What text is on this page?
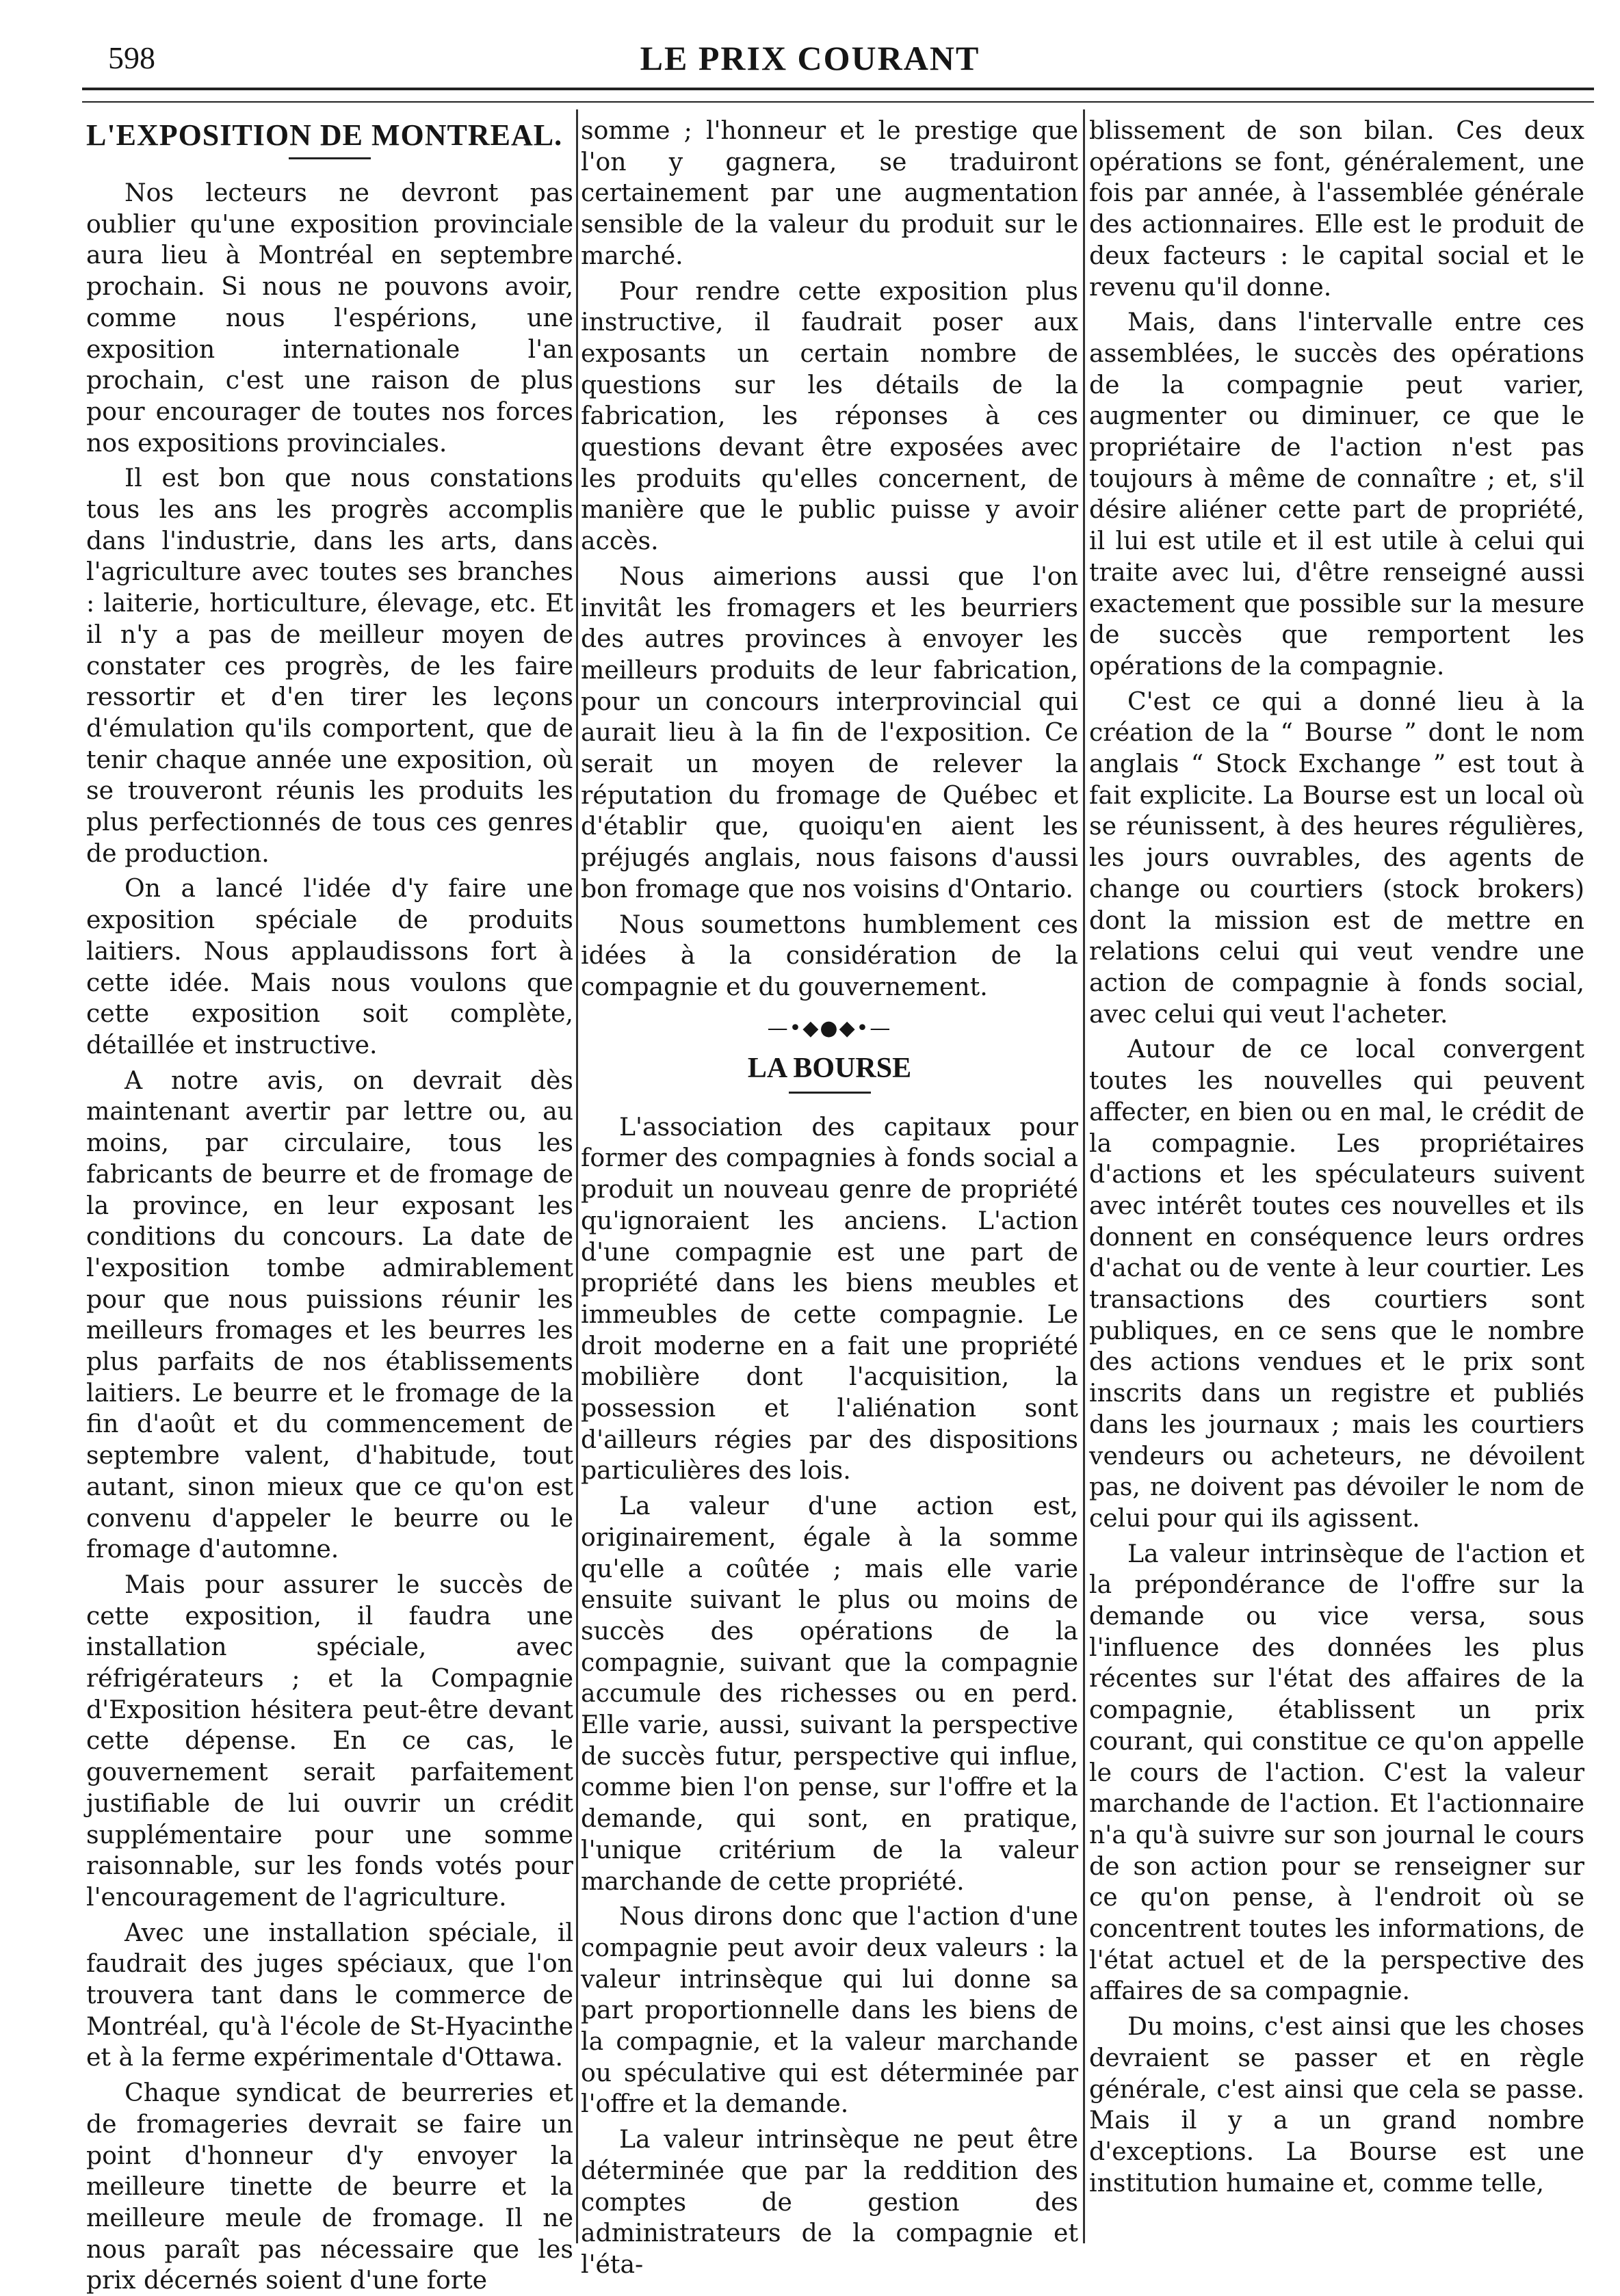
598	LE PRIX COURANT
L'EXPOSITION DE MONTREAL.

Nos lecteurs ne devront pas oublier qu'une exposition provinciale aura lieu à Montréal en septembre prochain. Si nous ne pouvons avoir, comme nous l'espérions, une exposition internationale l'an prochain, c'est une raison de plus pour encourager de toutes nos forces nos expositions provinciales.

Il est bon que nous constations tous les ans les progrès accomplis dans l'industrie, dans les arts, dans l'agriculture avec toutes ses branches : laiterie, horticulture, élevage, etc. Et il n'y a pas de meilleur moyen de constater ces progrès, de les faire ressortir et d'en tirer les leçons d'émulation qu'ils comportent, que de tenir chaque année une exposition, où se trouveront réunis les produits les plus perfectionnés de tous ces genres de production.

On a lancé l'idée d'y faire une exposition spéciale de produits laitiers. Nous applaudissons fort à cette idée. Mais nous voulons que cette exposition soit complète, détaillée et instructive.

A notre avis, on devrait dès maintenant avertir par lettre ou, au moins, par circulaire, tous les fabricants de beurre et de fromage de la province, en leur exposant les conditions du concours. La date de l'exposition tombe admirablement pour que nous puissions réunir les meilleurs fromages et les beurres les plus parfaits de nos établissements laitiers. Le beurre et le fromage de la fin d'août et du commencement de septembre valent, d'habitude, tout autant, sinon mieux que ce qu'on est convenu d'appeler le beurre ou le fromage d'automne.

Mais pour assurer le succès de cette exposition, il faudra une installation spéciale, avec réfrigérateurs ; et la Compagnie d'Exposition hésitera peut-être devant cette dépense. En ce cas, le gouvernement serait parfaitement justifiable de lui ouvrir un crédit supplémentaire pour une somme raisonnable, sur les fonds votés pour l'encouragement de l'agriculture.

Avec une installation spéciale, il faudrait des juges spéciaux, que l'on trouvera tant dans le commerce de Montréal, qu'à l'école de St-Hyacinthe et à la ferme expérimentale d'Ottawa.

Chaque syndicat de beurreries et de fromageries devrait se faire un point d'honneur d'y envoyer la meilleure tinette de beurre et la meilleure meule de fromage. Il ne nous paraît pas nécessaire que les prix décernés soient d'une forte

somme ; l'honneur et le prestige que l'on y gagnera, se traduiront certainement par une augmentation sensible de la valeur du produit sur le marché.

Pour rendre cette exposition plus instructive, il faudrait poser aux exposants un certain nombre de questions sur les détails de la fabrication, les réponses à ces questions devant être exposées avec les produits qu'elles concernent, de manière que le public puisse y avoir accès.

Nous aimerions aussi que l'on invitât les fromagers et les beurriers des autres provinces à envoyer les meilleurs produits de leur fabrication, pour un concours interprovincial qui aurait lieu à la fin de l'exposition. Ce serait un moyen de relever la réputation du fromage de Québec et d'établir que, quoiqu'en aient les préjugés anglais, nous faisons d'aussi bon fromage que nos voisins d'Ontario.

Nous soumettons humblement ces idées à la considération de la compagnie et du gouvernement.

—•◆●◆•—
LA BOURSE

L'association des capitaux pour former des compagnies à fonds social a produit un nouveau genre de propriété qu'ignoraient les anciens. L'action d'une compagnie est une part de propriété dans les biens meubles et immeubles de cette compagnie. Le droit moderne en a fait une propriété mobilière dont l'acquisition, la possession et l'aliénation sont d'ailleurs régies par des dispositions particulières des lois.

La valeur d'une action est, originairement, égale à la somme qu'elle a coûtée ; mais elle varie ensuite suivant le plus ou moins de succès des opérations de la compagnie, suivant que la compagnie accumule des richesses ou en perd. Elle varie, aussi, suivant la perspective de succès futur, perspective qui influe, comme bien l'on pense, sur l'offre et la demande, qui sont, en pratique, l'unique critérium de la valeur marchande de cette propriété.

Nous dirons donc que l'action d'une compagnie peut avoir deux valeurs : la valeur intrinsèque qui lui donne sa part proportionnelle dans les biens de la compagnie, et la valeur marchande ou spéculative qui est déterminée par l'offre et la demande.

La valeur intrinsèque ne peut être déterminée que par la reddition des comptes de gestion des administrateurs de la compagnie et l'éta-

blissement de son bilan. Ces deux opérations se font, généralement, une fois par année, à l'assemblée générale des actionnaires. Elle est le produit de deux facteurs : le capital social et le revenu qu'il donne.

Mais, dans l'intervalle entre ces assemblées, le succès des opérations de la compagnie peut varier, augmenter ou diminuer, ce que le propriétaire de l'action n'est pas toujours à même de connaître ; et, s'il désire aliéner cette part de propriété, il lui est utile et il est utile à celui qui traite avec lui, d'être renseigné aussi exactement que possible sur la mesure de succès que remportent les opérations de la compagnie.

C'est ce qui a donné lieu à la création de la “ Bourse ” dont le nom anglais “ Stock Exchange ” est tout à fait explicite. La Bourse est un local où se réunissent, à des heures régulières, les jours ouvrables, des agents de change ou courtiers (stock brokers) dont la mission est de mettre en relations celui qui veut vendre une action de compagnie à fonds social, avec celui qui veut l'acheter.

Autour de ce local convergent toutes les nouvelles qui peuvent affecter, en bien ou en mal, le crédit de la compagnie. Les propriétaires d'actions et les spéculateurs suivent avec intérêt toutes ces nouvelles et ils donnent en conséquence leurs ordres d'achat ou de vente à leur courtier. Les transactions des courtiers sont publiques, en ce sens que le nombre des actions vendues et le prix sont inscrits dans un registre et publiés dans les journaux ; mais les courtiers vendeurs ou acheteurs, ne dévoilent pas, ne doivent pas dévoiler le nom de celui pour qui ils agissent.

La valeur intrinsèque de l'action et la prépondérance de l'offre sur la demande ou vice versa, sous l'influence des données les plus récentes sur l'état des affaires de la compagnie, établissent un prix courant, qui constitue ce qu'on appelle le cours de l'action. C'est la valeur marchande de l'action. Et l'actionnaire n'a qu'à suivre sur son journal le cours de son action pour se renseigner sur ce qu'on pense, à l'endroit où se concentrent toutes les informations, de l'état actuel et de la perspective des affaires de sa compagnie.

Du moins, c'est ainsi que les choses devraient se passer et en règle générale, c'est ainsi que cela se passe. Mais il y a un grand nombre d'exceptions. La Bourse est une institution humaine et, comme telle,
